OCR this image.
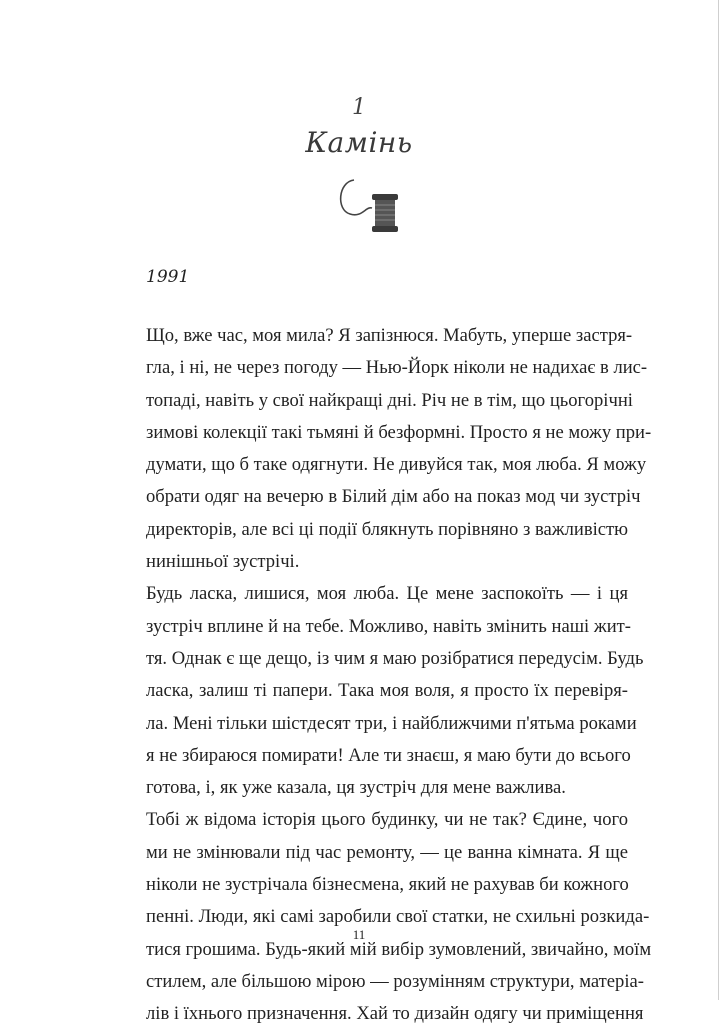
1
Камінь
1991
Що, вже час, моя мила? Я запізнюся. Мабуть, уперше застря-
гла, і ні, не через погоду — Нью-Йорк ніколи не надихає в лис-
топаді, навіть у свої найкращі дні. Річ не в тім, що цьогорічні
зимові колекції такі тьмяні й безформні. Просто я не можу при-
думати, що б таке одягнути. Не дивуйся так, моя люба. Я можу
обрати одяг на вечерю в Білий дім або на показ мод чи зустріч
директорів, але всі ці події блякнуть порівняно з важливістю
нинішньої зустрічі.
Будь ласка, лишися, моя люба. Це мене заспокоїть — і ця
зустріч вплине й на тебе. Можливо, навіть змінить наші жит-
тя. Однак є ще дещо, із чим я маю розібратися передусім. Будь
ласка, залиш ті папери. Така моя воля, я просто їх перевіря-
ла. Мені тільки шістдесят три, і найближчими п'ятьма роками
я не збираюся помирати! Але ти знаєш, я маю бути до всього
готова, і, як уже казала, ця зустріч для мене важлива.
Тобі ж відома історія цього будинку, чи не так? Єдине, чого
ми не змінювали під час ремонту, — це ванна кімната. Я ще
ніколи не зустрічала бізнесмена, який не рахував би кожного
пенні. Люди, які самі заробили свої статки, не схильні розкида-
тися грошима. Будь-який мій вибір зумовлений, звичайно, моїм
стилем, але більшою мірою — розумінням структури, матеріа-
лів і їхнього призначення. Хай то дизайн одягу чи приміщення
11
